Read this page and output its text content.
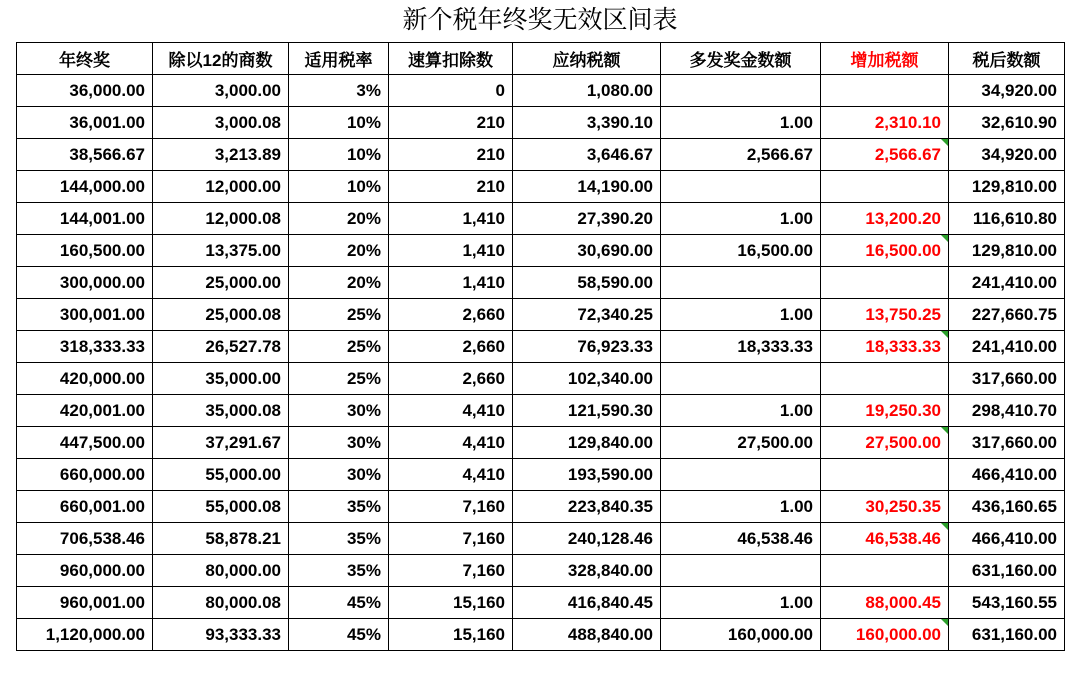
新个税年终奖无效区间表
年终奖	除以12的商数	适用税率	速算扣除数	应纳税额	多发奖金数额	增加税额	税后数额
36,000.00	3,000.00	3%	0	1,080.00			34,920.00
36,001.00	3,000.08	10%	210	3,390.10	1.00	2,310.10	32,610.90
38,566.67	3,213.89	10%	210	3,646.67	2,566.67	2,566.67	34,920.00
144,000.00	12,000.00	10%	210	14,190.00			129,810.00
144,001.00	12,000.08	20%	1,410	27,390.20	1.00	13,200.20	116,610.80
160,500.00	13,375.00	20%	1,410	30,690.00	16,500.00	16,500.00	129,810.00
300,000.00	25,000.00	20%	1,410	58,590.00			241,410.00
300,001.00	25,000.08	25%	2,660	72,340.25	1.00	13,750.25	227,660.75
318,333.33	26,527.78	25%	2,660	76,923.33	18,333.33	18,333.33	241,410.00
420,000.00	35,000.00	25%	2,660	102,340.00			317,660.00
420,001.00	35,000.08	30%	4,410	121,590.30	1.00	19,250.30	298,410.70
447,500.00	37,291.67	30%	4,410	129,840.00	27,500.00	27,500.00	317,660.00
660,000.00	55,000.00	30%	4,410	193,590.00			466,410.00
660,001.00	55,000.08	35%	7,160	223,840.35	1.00	30,250.35	436,160.65
706,538.46	58,878.21	35%	7,160	240,128.46	46,538.46	46,538.46	466,410.00
960,000.00	80,000.00	35%	7,160	328,840.00			631,160.00
960,001.00	80,000.08	45%	15,160	416,840.45	1.00	88,000.45	543,160.55
1,120,000.00	93,333.33	45%	15,160	488,840.00	160,000.00	160,000.00	631,160.00
